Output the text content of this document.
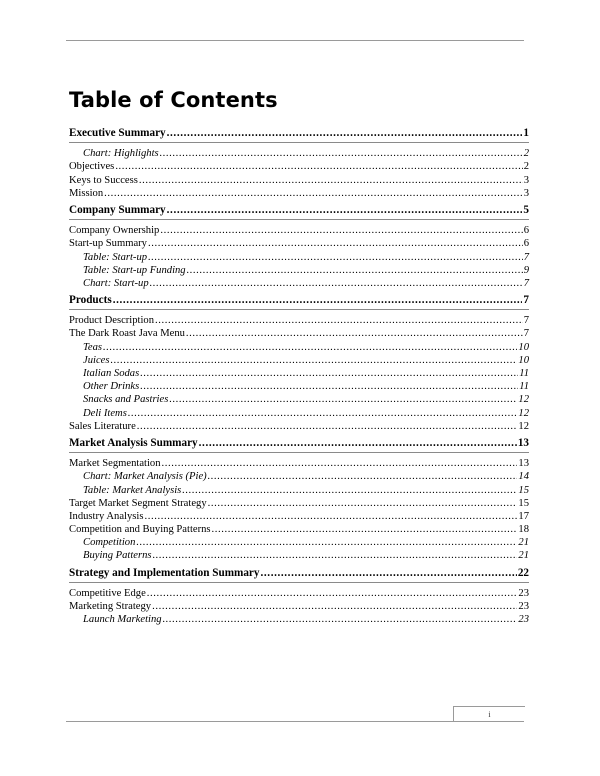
Table of Contents
Executive Summary .....	1
Chart: Highlights .....	2
Objectives .....	2
Keys to Success .....	3
Mission .....	3
Company Summary .....	5
Company Ownership .....	6
Start-up Summary .....	6
Table: Start-up .....	7
Table: Start-up Funding .....	9
Chart: Start-up .....	7
Products .....	7
Product Description .....	7
The Dark Roast Java Menu .....	7
Teas .....	10
Juices .....	10
Italian Sodas .....	11
Other Drinks .....	11
Snacks and Pastries .....	12
Deli Items .....	12
Sales Literature .....	12
Market Analysis Summary .....	13
Market Segmentation .....	13
Chart: Market Analysis (Pie) .....	14
Table: Market Analysis .....	15
Target Market Segment Strategy .....	15
Industry Analysis .....	17
Competition and Buying Patterns .....	18
Competition .....	21
Buying Patterns .....	21
Strategy and Implementation Summary .....	22
Competitive Edge .....	23
Marketing Strategy .....	23
Launch Marketing .....	23
i
